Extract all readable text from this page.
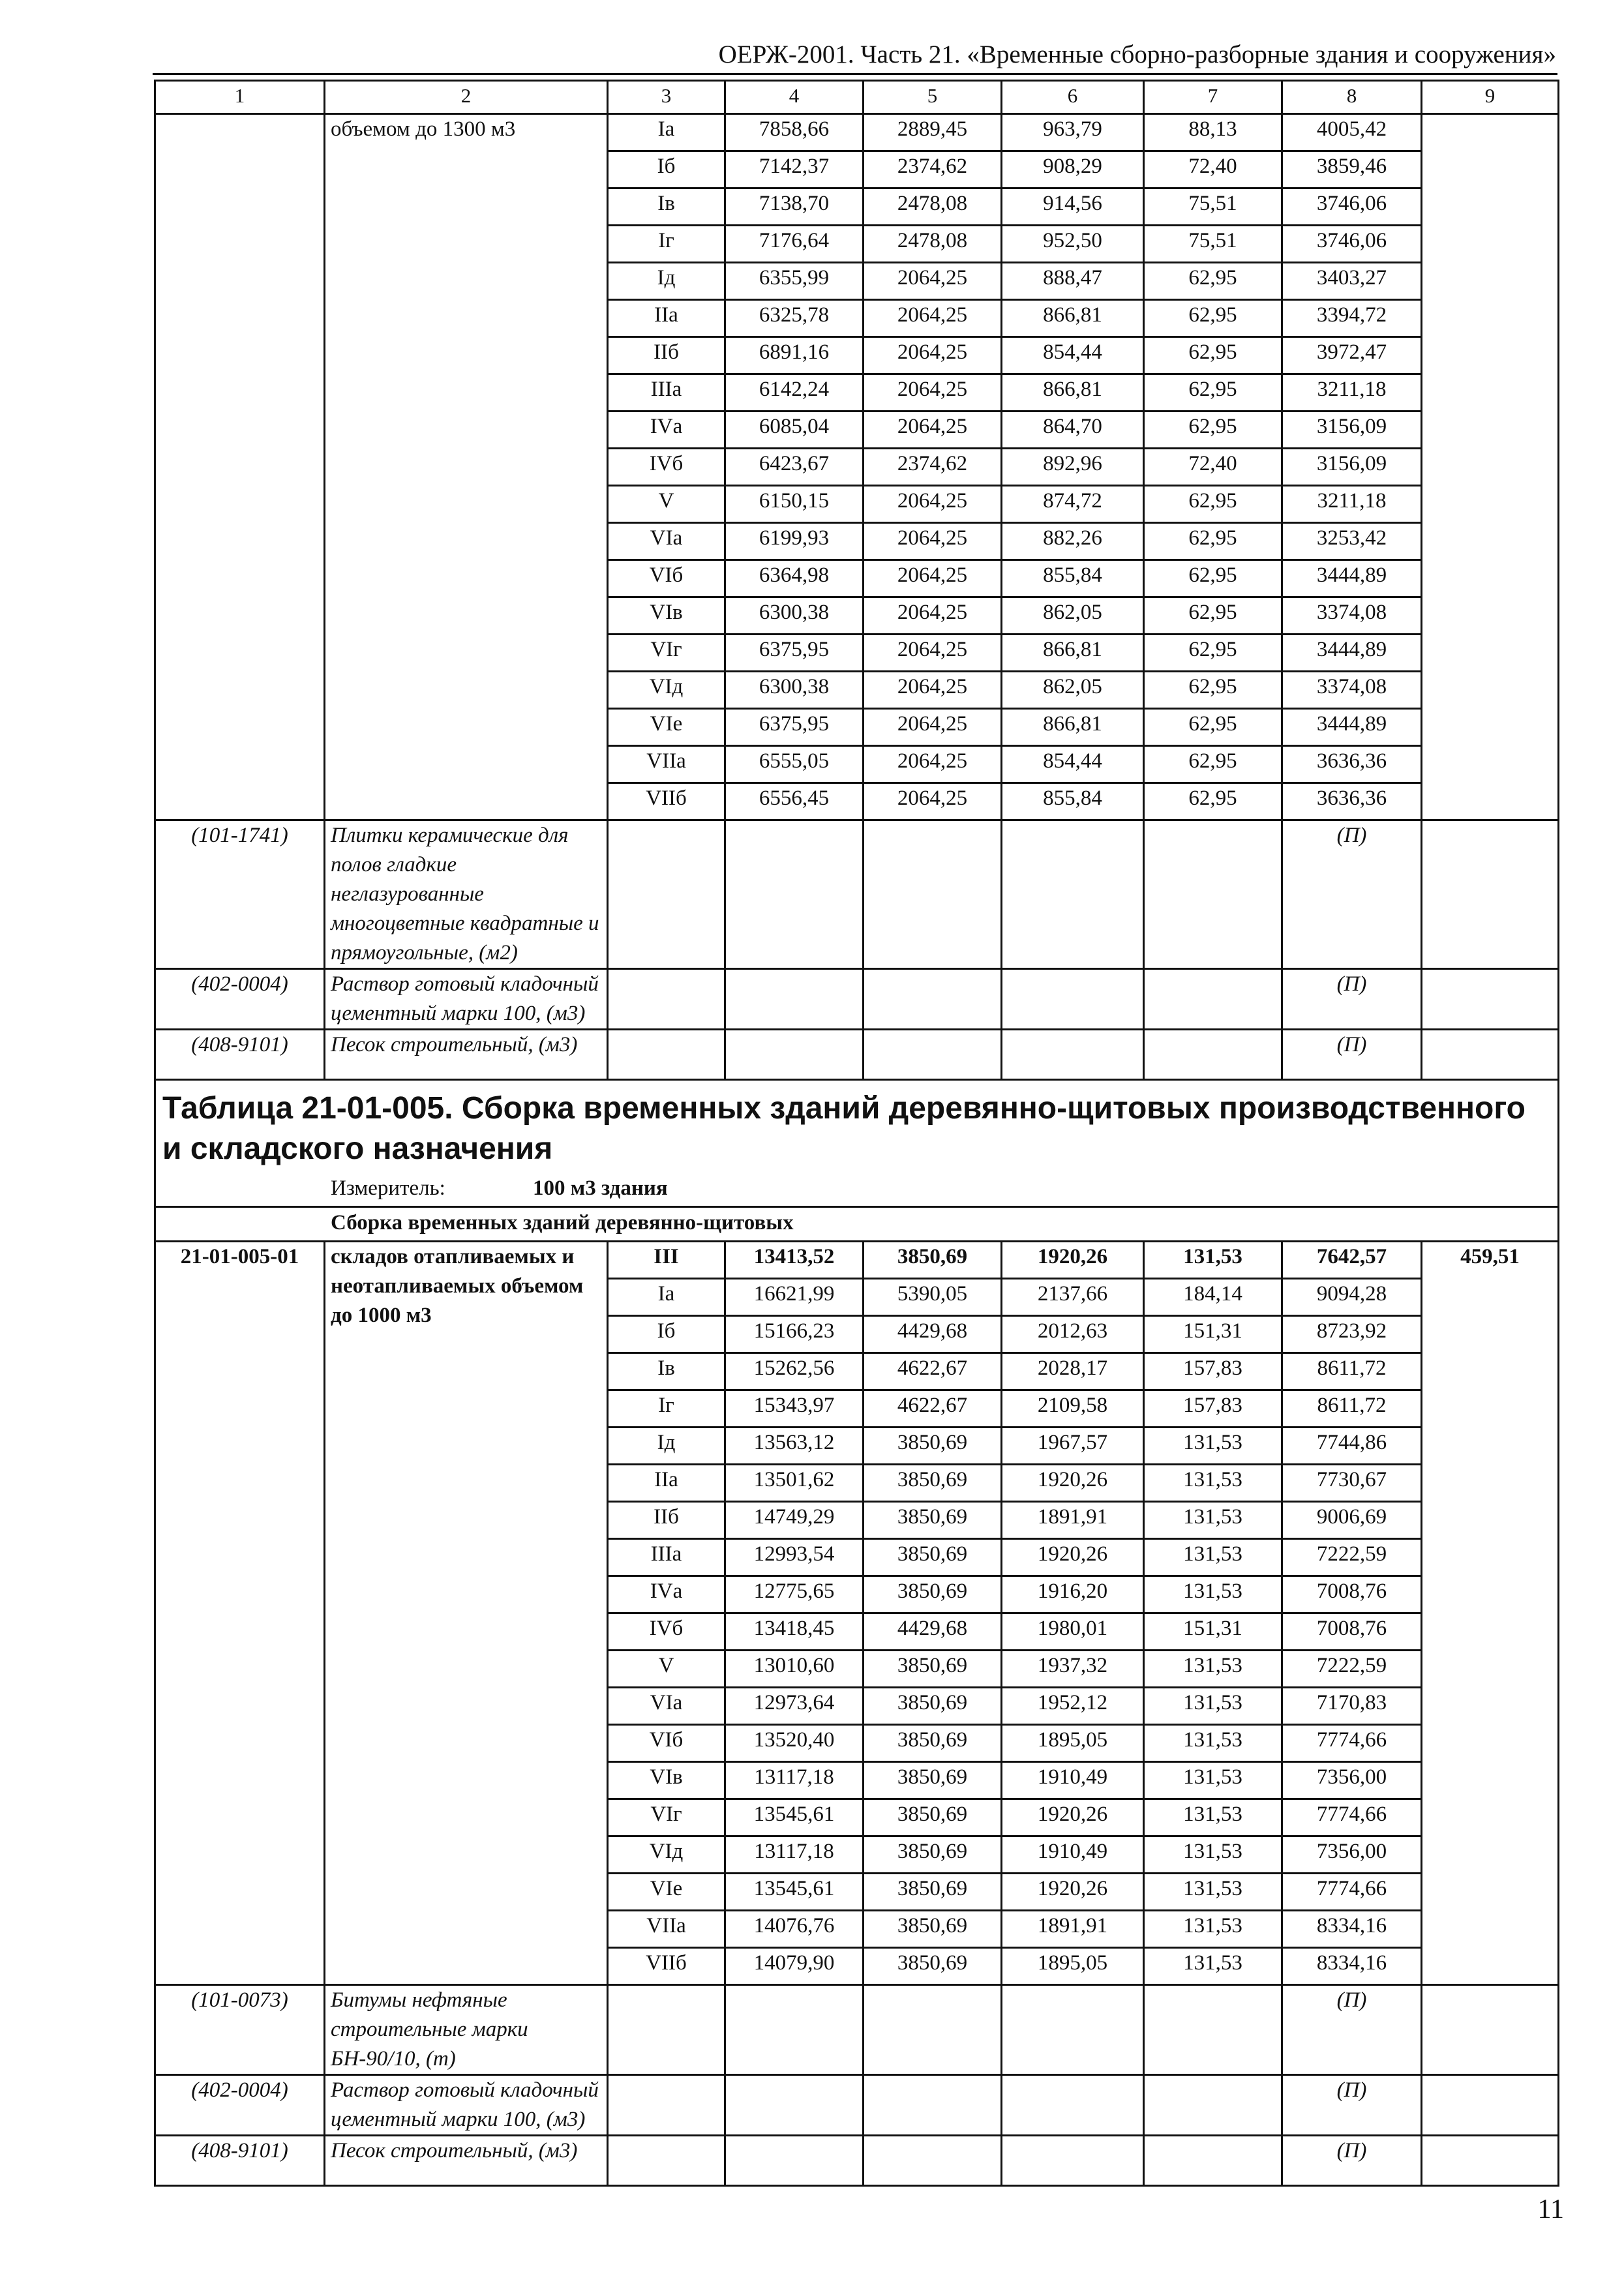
ОЕРЖ-2001. Часть 21. «Временные сборно-разборные здания и сооружения»
1	2	3	4	5	6	7	8	9
	объемом до 1300 м3	Iа	7858,66	2889,45	963,79	88,13	4005,42	
		Iб	7142,37	2374,62	908,29	72,40	3859,46	
		Iв	7138,70	2478,08	914,56	75,51	3746,06	
		Iг	7176,64	2478,08	952,50	75,51	3746,06	
		Iд	6355,99	2064,25	888,47	62,95	3403,27	
		IIа	6325,78	2064,25	866,81	62,95	3394,72	
		IIб	6891,16	2064,25	854,44	62,95	3972,47	
		IIIа	6142,24	2064,25	866,81	62,95	3211,18	
		IVа	6085,04	2064,25	864,70	62,95	3156,09	
		IVб	6423,67	2374,62	892,96	72,40	3156,09	
		V	6150,15	2064,25	874,72	62,95	3211,18	
		VIа	6199,93	2064,25	882,26	62,95	3253,42	
		VIб	6364,98	2064,25	855,84	62,95	3444,89	
		VIв	6300,38	2064,25	862,05	62,95	3374,08	
		VIг	6375,95	2064,25	866,81	62,95	3444,89	
		VIд	6300,38	2064,25	862,05	62,95	3374,08	
		VIе	6375,95	2064,25	866,81	62,95	3444,89	
		VIIа	6555,05	2064,25	854,44	62,95	3636,36	
		VIIб	6556,45	2064,25	855,84	62,95	3636,36	
(101-1741)	Плитки керамические для полов гладкие неглазурованные многоцветные квадратные и прямоугольные, (м2)						(П)	
(402-0004)	Раствор готовый кладочный цементный марки 100, (м3)						(П)	
(408-9101)	Песок строительный, (м3)						(П)	
Таблица 21-01-005. Сборка временных зданий деревянно-щитовых производственного и складского назначения								
Измеритель: 100 м3 здания								
Сборка временных зданий деревянно-щитовых								
21-01-005-01	складов отапливаемых и неотапливаемых объемом до 1000 м3	III	13413,52	3850,69	1920,26	131,53	7642,57	459,51
		Iа	16621,99	5390,05	2137,66	184,14	9094,28	
		Iб	15166,23	4429,68	2012,63	151,31	8723,92	
		Iв	15262,56	4622,67	2028,17	157,83	8611,72	
		Iг	15343,97	4622,67	2109,58	157,83	8611,72	
		Iд	13563,12	3850,69	1967,57	131,53	7744,86	
		IIа	13501,62	3850,69	1920,26	131,53	7730,67	
		IIб	14749,29	3850,69	1891,91	131,53	9006,69	
		IIIа	12993,54	3850,69	1920,26	131,53	7222,59	
		IVа	12775,65	3850,69	1916,20	131,53	7008,76	
		IVб	13418,45	4429,68	1980,01	151,31	7008,76	
		V	13010,60	3850,69	1937,32	131,53	7222,59	
		VIа	12973,64	3850,69	1952,12	131,53	7170,83	
		VIб	13520,40	3850,69	1895,05	131,53	7774,66	
		VIв	13117,18	3850,69	1910,49	131,53	7356,00	
		VIг	13545,61	3850,69	1920,26	131,53	7774,66	
		VIд	13117,18	3850,69	1910,49	131,53	7356,00	
		VIе	13545,61	3850,69	1920,26	131,53	7774,66	
		VIIа	14076,76	3850,69	1891,91	131,53	8334,16	
		VIIб	14079,90	3850,69	1895,05	131,53	8334,16	
(101-0073)	Битумы нефтяные строительные марки БН-90/10, (т)						(П)	
(402-0004)	Раствор готовый кладочный цементный марки 100, (м3)						(П)	
(408-9101)	Песок строительный, (м3)						(П)	
11
